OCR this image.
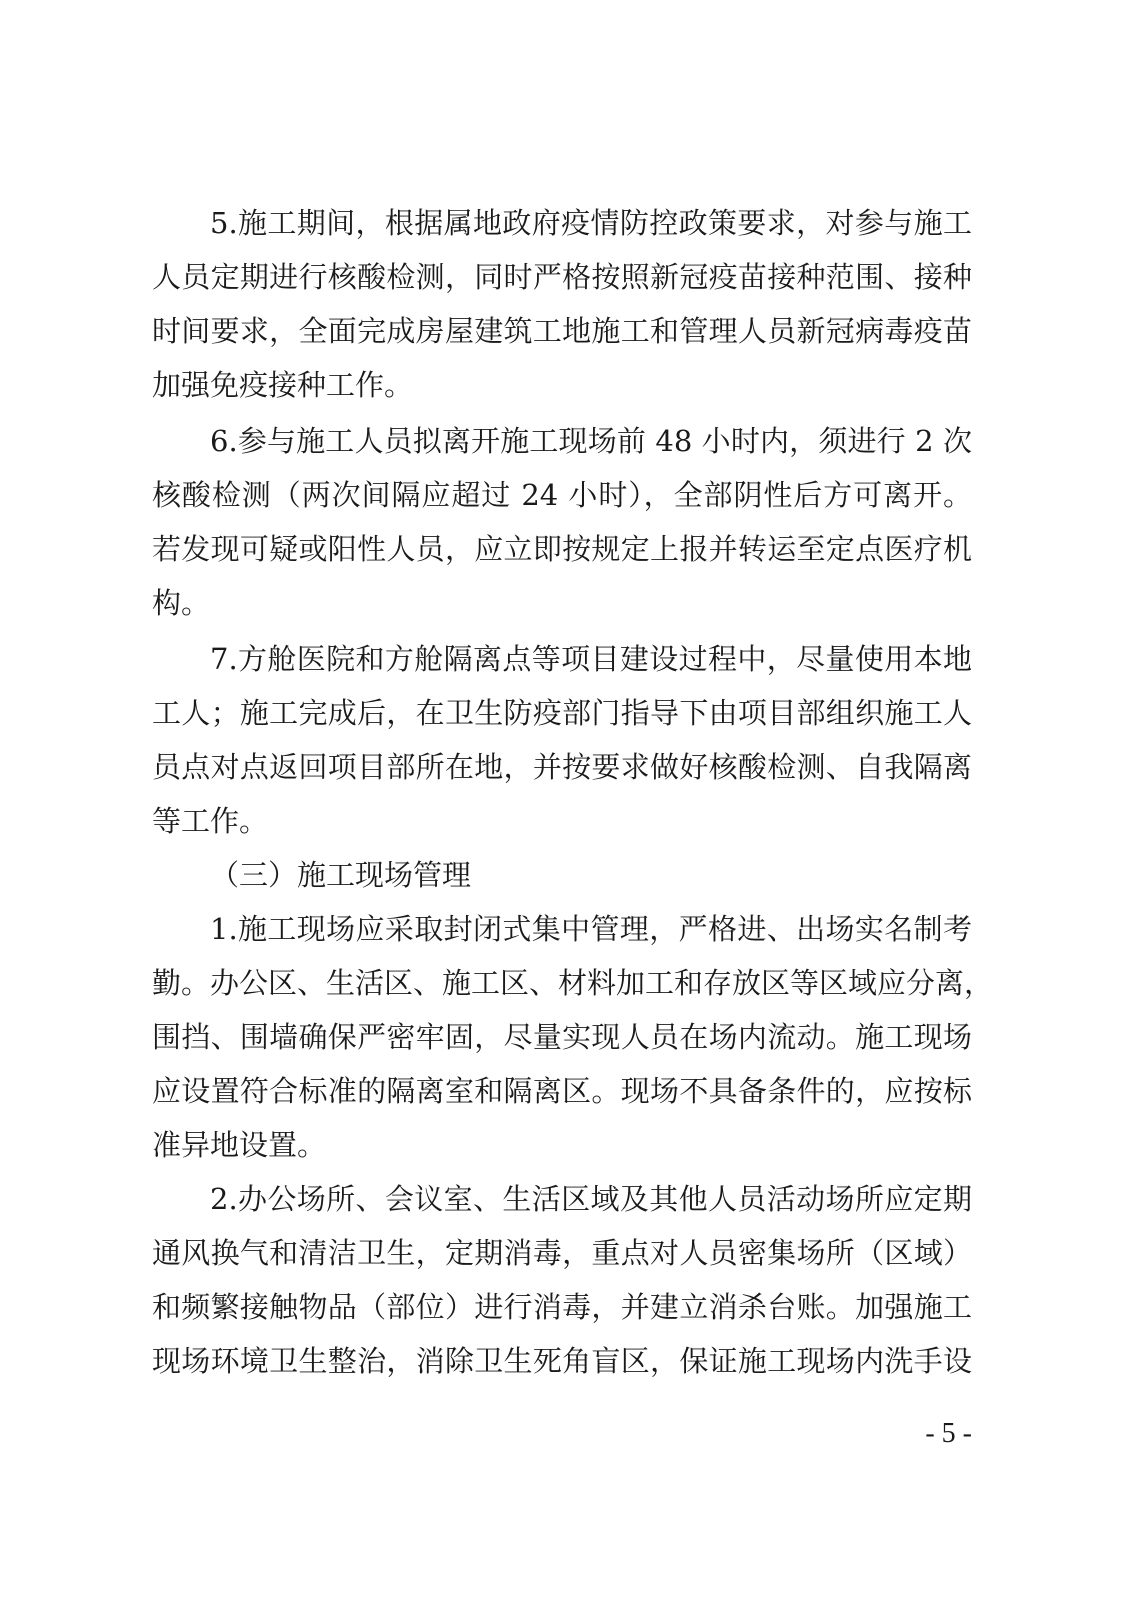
5.施工期间，根据属地政府疫情防控政策要求，对参与施工
人员定期进行核酸检测，同时严格按照新冠疫苗接种范围、接种
时间要求，全面完成房屋建筑工地施工和管理人员新冠病毒疫苗
加强免疫接种工作。
6.参与施工人员拟离开施工现场前 48 小时内，须进行 2 次
核酸检测（两次间隔应超过 24 小时），全部阴性后方可离开。
若发现可疑或阳性人员，应立即按规定上报并转运至定点医疗机
构。
7.方舱医院和方舱隔离点等项目建设过程中，尽量使用本地
工人；施工完成后，在卫生防疫部门指导下由项目部组织施工人
员点对点返回项目部所在地，并按要求做好核酸检测、自我隔离
等工作。
（三）施工现场管理
1.施工现场应采取封闭式集中管理，严格进、出场实名制考
勤。办公区、生活区、施工区、材料加工和存放区等区域应分离，
围挡、围墙确保严密牢固，尽量实现人员在场内流动。施工现场
应设置符合标准的隔离室和隔离区。现场不具备条件的，应按标
准异地设置。
2.办公场所、会议室、生活区域及其他人员活动场所应定期
通风换气和清洁卫生，定期消毒，重点对人员密集场所（区域）
和频繁接触物品（部位）进行消毒，并建立消杀台账。加强施工
现场环境卫生整治，消除卫生死角盲区，保证施工现场内洗手设
- 5 -
